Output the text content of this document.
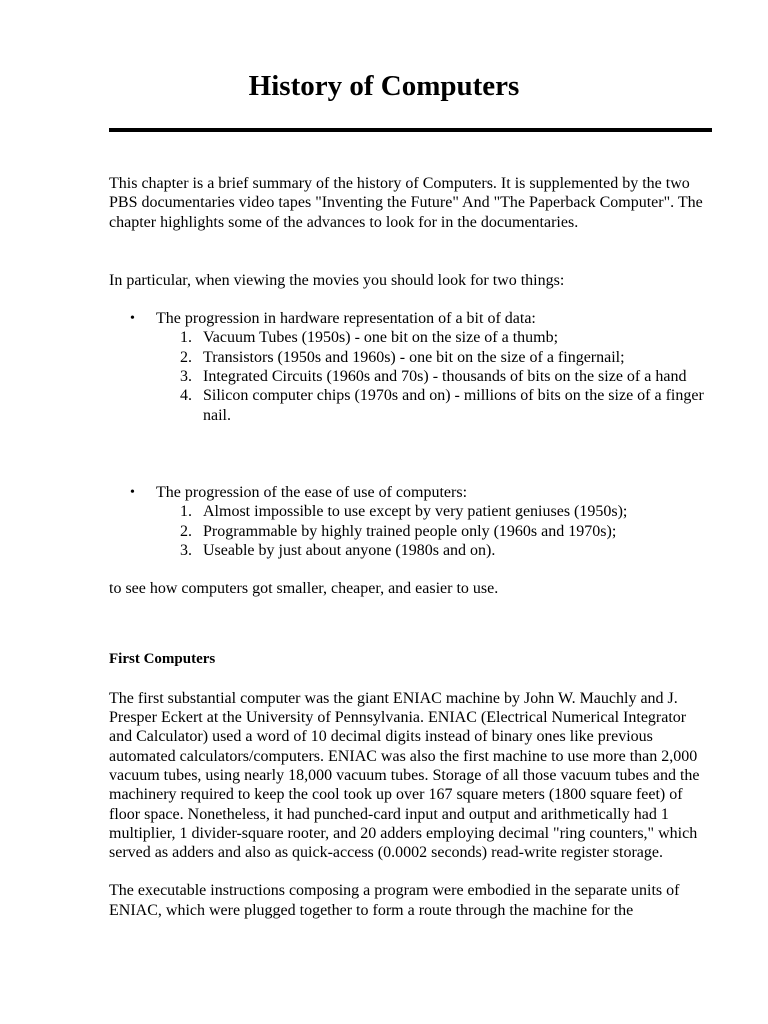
History of Computers

This chapter is a brief summary of the history of Computers. It is supplemented by the two PBS documentaries video tapes "Inventing the Future" And "The Paperback Computer". The chapter highlights some of the advances to look for in the documentaries.

In particular, when viewing the movies you should look for two things:

• The progression in hardware representation of a bit of data:
1. Vacuum Tubes (1950s) - one bit on the size of a thumb;
2. Transistors (1950s and 1960s) - one bit on the size of a fingernail;
3. Integrated Circuits (1960s and 70s) - thousands of bits on the size of a hand
4. Silicon computer chips (1970s and on) - millions of bits on the size of a finger nail.
• The progression of the ease of use of computers:
1. Almost impossible to use except by very patient geniuses (1950s);
2. Programmable by highly trained people only (1960s and 1970s);
3. Useable by just about anyone (1980s and on).

to see how computers got smaller, cheaper, and easier to use.

First Computers

The first substantial computer was the giant ENIAC machine by John W. Mauchly and J. Presper Eckert at the University of Pennsylvania. ENIAC (Electrical Numerical Integrator and Calculator) used a word of 10 decimal digits instead of binary ones like previous automated calculators/computers. ENIAC was also the first machine to use more than 2,000 vacuum tubes, using nearly 18,000 vacuum tubes. Storage of all those vacuum tubes and the machinery required to keep the cool took up over 167 square meters (1800 square feet) of floor space. Nonetheless, it had punched-card input and output and arithmetically had 1 multiplier, 1 divider-square rooter, and 20 adders employing decimal "ring counters," which served as adders and also as quick-access (0.0002 seconds) read-write register storage.

The executable instructions composing a program were embodied in the separate units of ENIAC, which were plugged together to form a route through the machine for the
